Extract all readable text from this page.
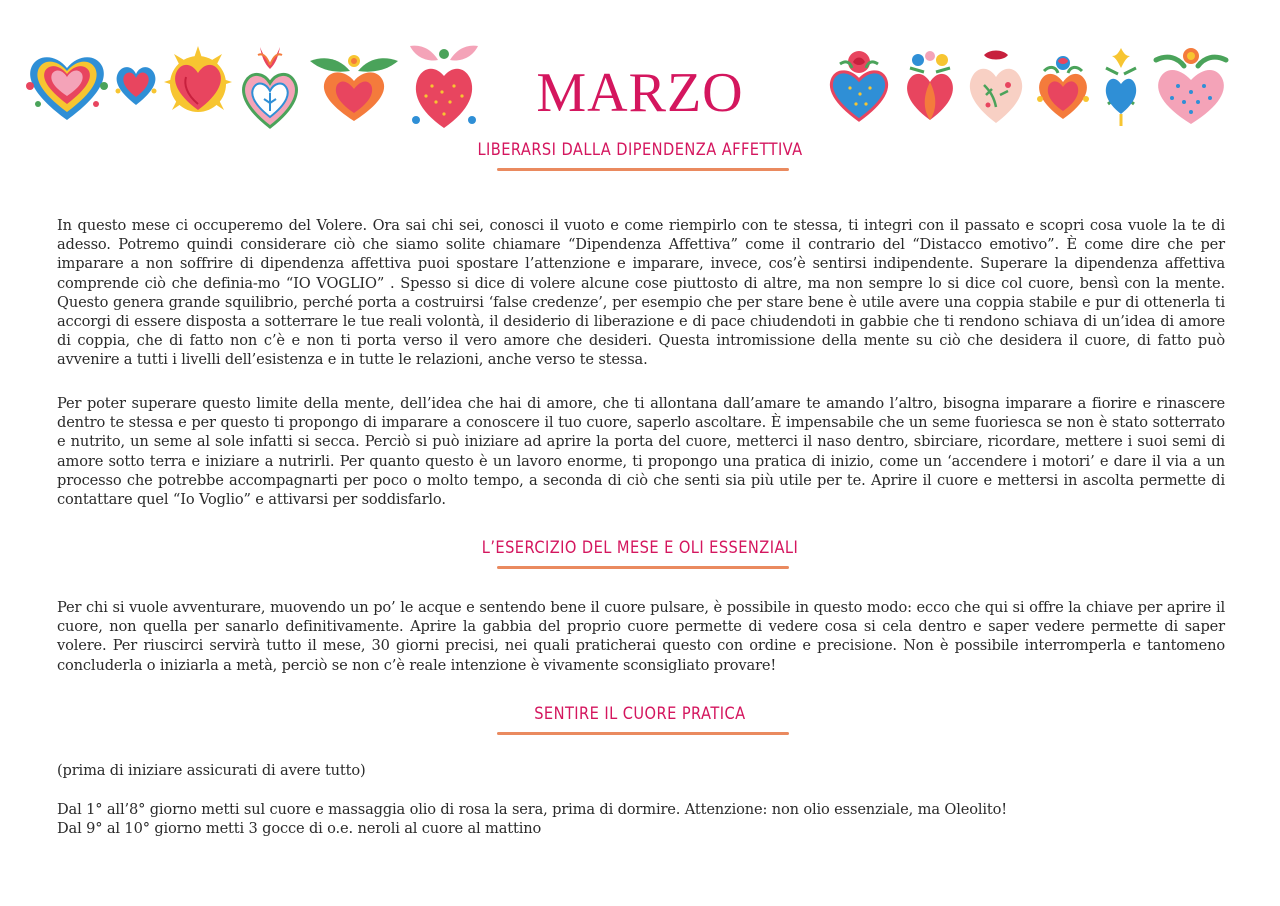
MARZO
LIBERARSI DALLA DIPENDENZA AFFETTIVA

In questo mese ci occuperemo del Volere. Ora sai chi sei, conosci il vuoto e come riempirlo con te stessa, ti integri con il passato e scopri cosa vuole la te di adesso. Potremo quindi considerare ciò che siamo solite chiamare “Dipendenza Affettiva” come il contrario del “Distacco emotivo”. È come dire che per imparare a non soffrire di dipendenza affettiva puoi spostare l’attenzione e imparare, invece, cos’è sentirsi indipendente. Superare la dipendenza affettiva comprende ciò che definia-mo “IO VOGLIO” . Spesso si dice di volere alcune cose piuttosto di altre, ma non sempre lo si dice col cuore, bensì con la mente. Questo genera grande squilibrio, perché porta a costruirsi ‘false credenze’, per esempio che per stare bene è utile avere una coppia stabile e pur di ottenerla ti accorgi di essere disposta a sotterrare le tue reali volontà, il desiderio di liberazione e di pace chiudendoti in gabbie che ti rendono schiava di un’idea di amore di coppia, che di fatto non c’è e non ti porta verso il vero amore che desideri. Questa intromissione della mente su ciò che desidera il cuore, di fatto può avvenire a tutti i livelli dell’esistenza e in tutte le relazioni, anche verso te stessa.

Per poter superare questo limite della mente, dell’idea che hai di amore, che ti allontana dall’amare te amando l’altro, bisogna imparare a fiorire e rinascere dentro te stessa e per questo ti propongo di imparare a conoscere il tuo cuore, saperlo ascoltare. È impensabile che un seme fuoriesca se non è stato sotterrato e nutrito, un seme al sole infatti si secca. Perciò si può iniziare ad aprire la porta del cuore, metterci il naso dentro, sbirciare, ricordare, mettere i suoi semi di amore sotto terra e iniziare a nutrirli. Per quanto questo è un lavoro enorme, ti propongo una pratica di inizio, come un ‘accendere i motori’ e dare il via a un processo che potrebbe accompagnarti per poco o molto tempo, a seconda di ciò che senti sia più utile per te. Aprire il cuore e mettersi in ascolta permette di contattare quel “Io Voglio” e attivarsi per soddisfarlo.

L’ESERCIZIO DEL MESE E OLI ESSENZIALI

Per chi si vuole avventurare, muovendo un po’ le acque e sentendo bene il cuore pulsare, è possibile in questo modo: ecco che qui si offre la chiave per aprire il cuore, non quella per sanarlo definitivamente. Aprire la gabbia del proprio cuore permette di vedere cosa si cela dentro e saper vedere permette di saper volere. Per riuscirci servirà tutto il mese, 30 giorni precisi, nei quali praticherai questo con ordine e precisione. Non è possibile interromperla e tantomeno concluderla o iniziarla a metà, perciò se non c’è reale intenzione è vivamente sconsigliato provare!

SENTIRE IL CUORE PRATICA

(prima di iniziare assicurati di avere tutto)

Dal 1° all’8° giorno metti sul cuore e massaggia olio di rosa la sera, prima di dormire. Attenzione: non olio essenziale, ma Oleolito!

Dal 9° al 10° giorno metti 3 gocce di o.e. neroli al cuore al mattino
